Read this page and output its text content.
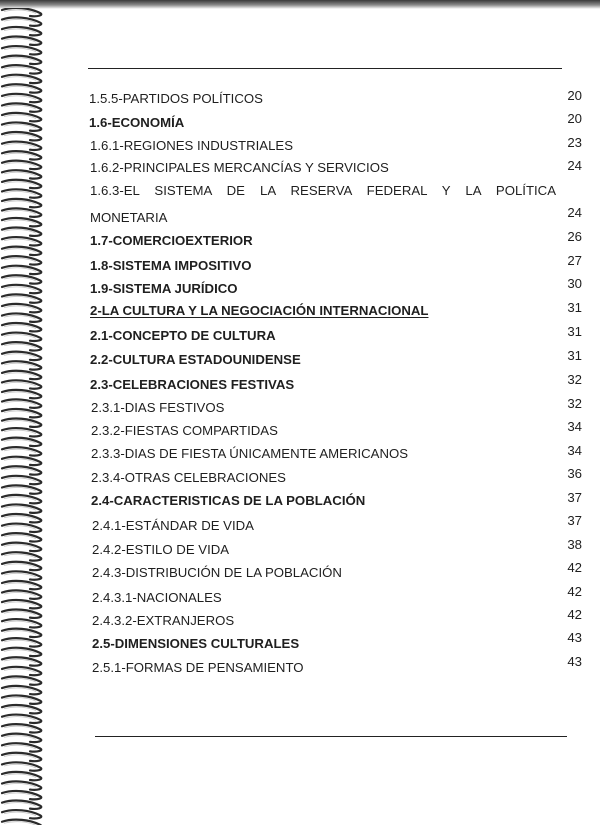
1.5.5-PARTIDOS POLÍTICOS	20
1.6-ECONOMÍA	20
1.6.1-REGIONES INDUSTRIALES	23
1.6.2-PRINCIPALES MERCANCÍAS Y SERVICIOS	24
1.6.3-EL SISTEMA DE LA RESERVA FEDERAL Y LA POLÍTICA
MONETARIA	24
1.7-COMERCIOEXTERIOR	26
1.8-SISTEMA IMPOSITIVO	27
1.9-SISTEMA JURÍDICO	30
2-LA CULTURA Y LA NEGOCIACIÓN INTERNACIONAL	31
2.1-CONCEPTO DE CULTURA	31
2.2-CULTURA ESTADOUNIDENSE	31
2.3-CELEBRACIONES FESTIVAS	32
2.3.1-DIAS FESTIVOS	32
2.3.2-FIESTAS COMPARTIDAS	34
2.3.3-DIAS DE FIESTA ÚNICAMENTE AMERICANOS	34
2.3.4-OTRAS CELEBRACIONES	36
2.4-CARACTERISTICAS DE LA POBLACIÓN	37
2.4.1-ESTÁNDAR DE VIDA	37
2.4.2-ESTILO DE VIDA	38
2.4.3-DISTRIBUCIÓN DE LA POBLACIÓN	42
2.4.3.1-NACIONALES	42
2.4.3.2-EXTRANJEROS	42
2.5-DIMENSIONES CULTURALES	43
2.5.1-FORMAS DE PENSAMIENTO	43
